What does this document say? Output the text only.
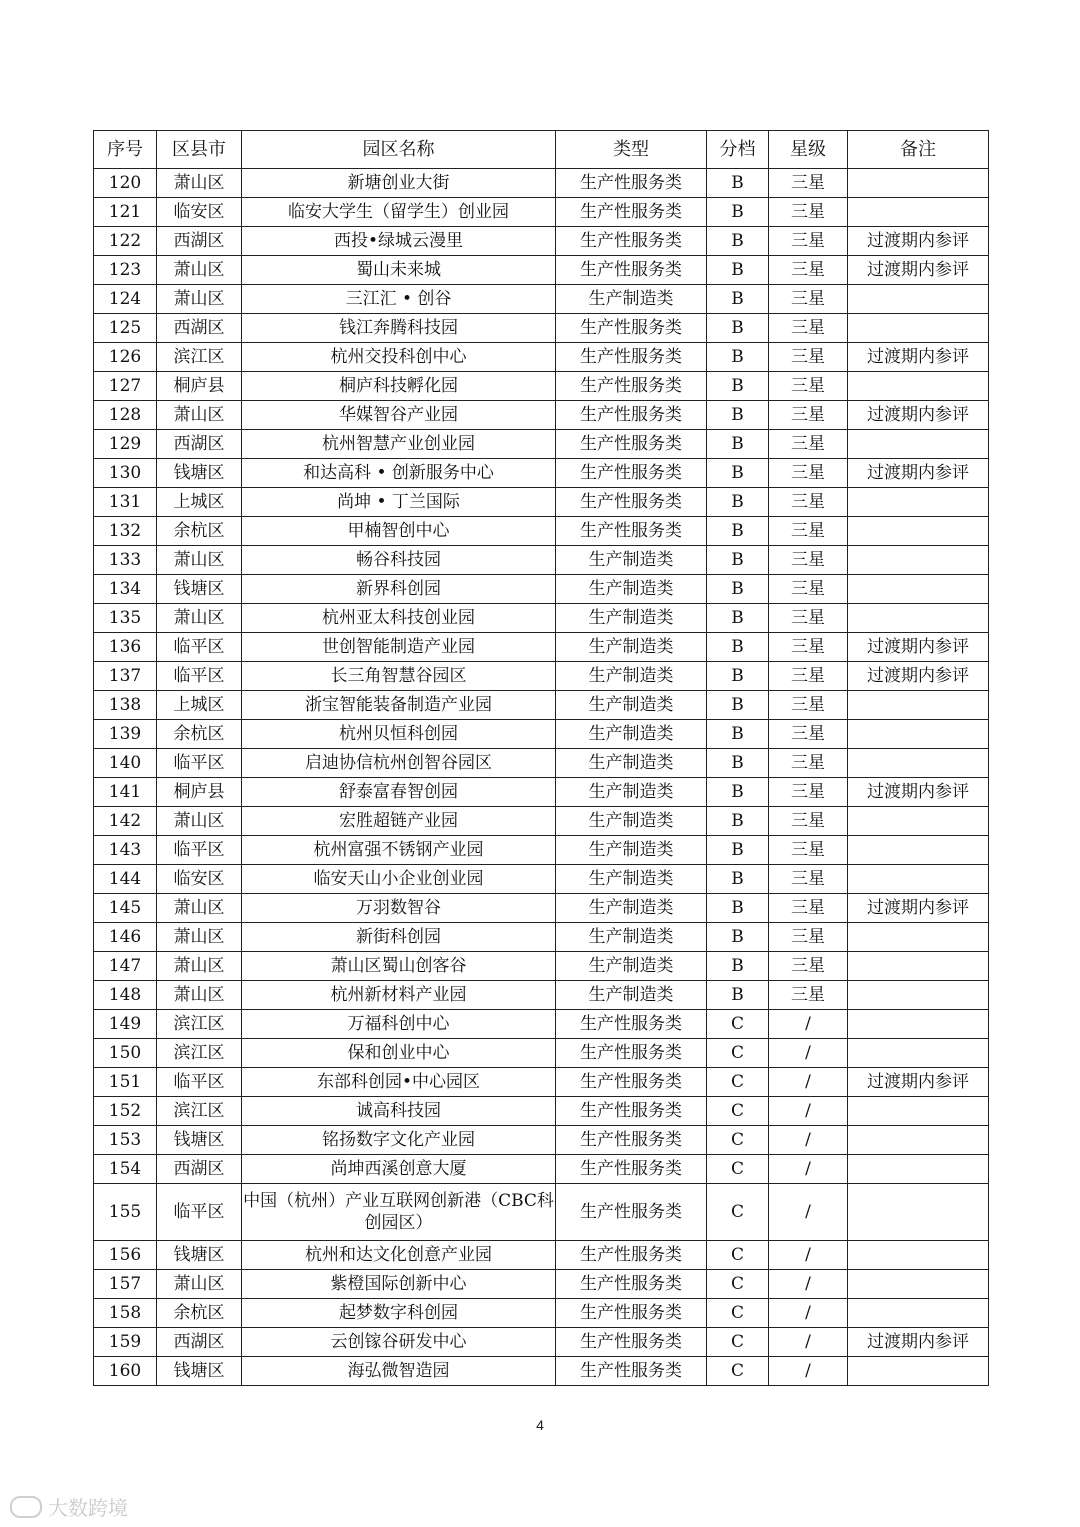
序号	区县市	园区名称	类型	分档	星级	备注
120	萧山区	新塘创业大街	生产性服务类	B	三星	
121	临安区	临安大学生（留学生）创业园	生产性服务类	B	三星	
122	西湖区	西投•绿城云漫里	生产性服务类	B	三星	过渡期内参评
123	萧山区	蜀山未来城	生产性服务类	B	三星	过渡期内参评
124	萧山区	三江汇 • 创谷	生产制造类	B	三星	
125	西湖区	钱江奔腾科技园	生产性服务类	B	三星	
126	滨江区	杭州交投科创中心	生产性服务类	B	三星	过渡期内参评
127	桐庐县	桐庐科技孵化园	生产性服务类	B	三星	
128	萧山区	华媒智谷产业园	生产性服务类	B	三星	过渡期内参评
129	西湖区	杭州智慧产业创业园	生产性服务类	B	三星	
130	钱塘区	和达高科 • 创新服务中心	生产性服务类	B	三星	过渡期内参评
131	上城区	尚坤 • 丁兰国际	生产性服务类	B	三星	
132	余杭区	甲楠智创中心	生产性服务类	B	三星	
133	萧山区	畅谷科技园	生产制造类	B	三星	
134	钱塘区	新界科创园	生产制造类	B	三星	
135	萧山区	杭州亚太科技创业园	生产制造类	B	三星	
136	临平区	世创智能制造产业园	生产制造类	B	三星	过渡期内参评
137	临平区	长三角智慧谷园区	生产制造类	B	三星	过渡期内参评
138	上城区	浙宝智能装备制造产业园	生产制造类	B	三星	
139	余杭区	杭州贝恒科创园	生产制造类	B	三星	
140	临平区	启迪协信杭州创智谷园区	生产制造类	B	三星	
141	桐庐县	舒泰富春智创园	生产制造类	B	三星	过渡期内参评
142	萧山区	宏胜超链产业园	生产制造类	B	三星	
143	临平区	杭州富强不锈钢产业园	生产制造类	B	三星	
144	临安区	临安天山小企业创业园	生产制造类	B	三星	
145	萧山区	万羽数智谷	生产制造类	B	三星	过渡期内参评
146	萧山区	新街科创园	生产制造类	B	三星	
147	萧山区	萧山区蜀山创客谷	生产制造类	B	三星	
148	萧山区	杭州新材料产业园	生产制造类	B	三星	
149	滨江区	万福科创中心	生产性服务类	C	/	
150	滨江区	保和创业中心	生产性服务类	C	/	
151	临平区	东部科创园•中心园区	生产性服务类	C	/	过渡期内参评
152	滨江区	诚高科技园	生产性服务类	C	/	
153	钱塘区	铭扬数字文化产业园	生产性服务类	C	/	
154	西湖区	尚坤西溪创意大厦	生产性服务类	C	/	
155	临平区	中国（杭州）产业互联网创新港（CBC科创园区）	生产性服务类	C	/	
156	钱塘区	杭州和达文化创意产业园	生产性服务类	C	/	
157	萧山区	紫橙国际创新中心	生产性服务类	C	/	
158	余杭区	起梦数字科创园	生产性服务类	C	/	
159	西湖区	云创镓谷研发中心	生产性服务类	C	/	过渡期内参评
160	钱塘区	海弘微智造园	生产性服务类	C	/	
4
大数跨境
